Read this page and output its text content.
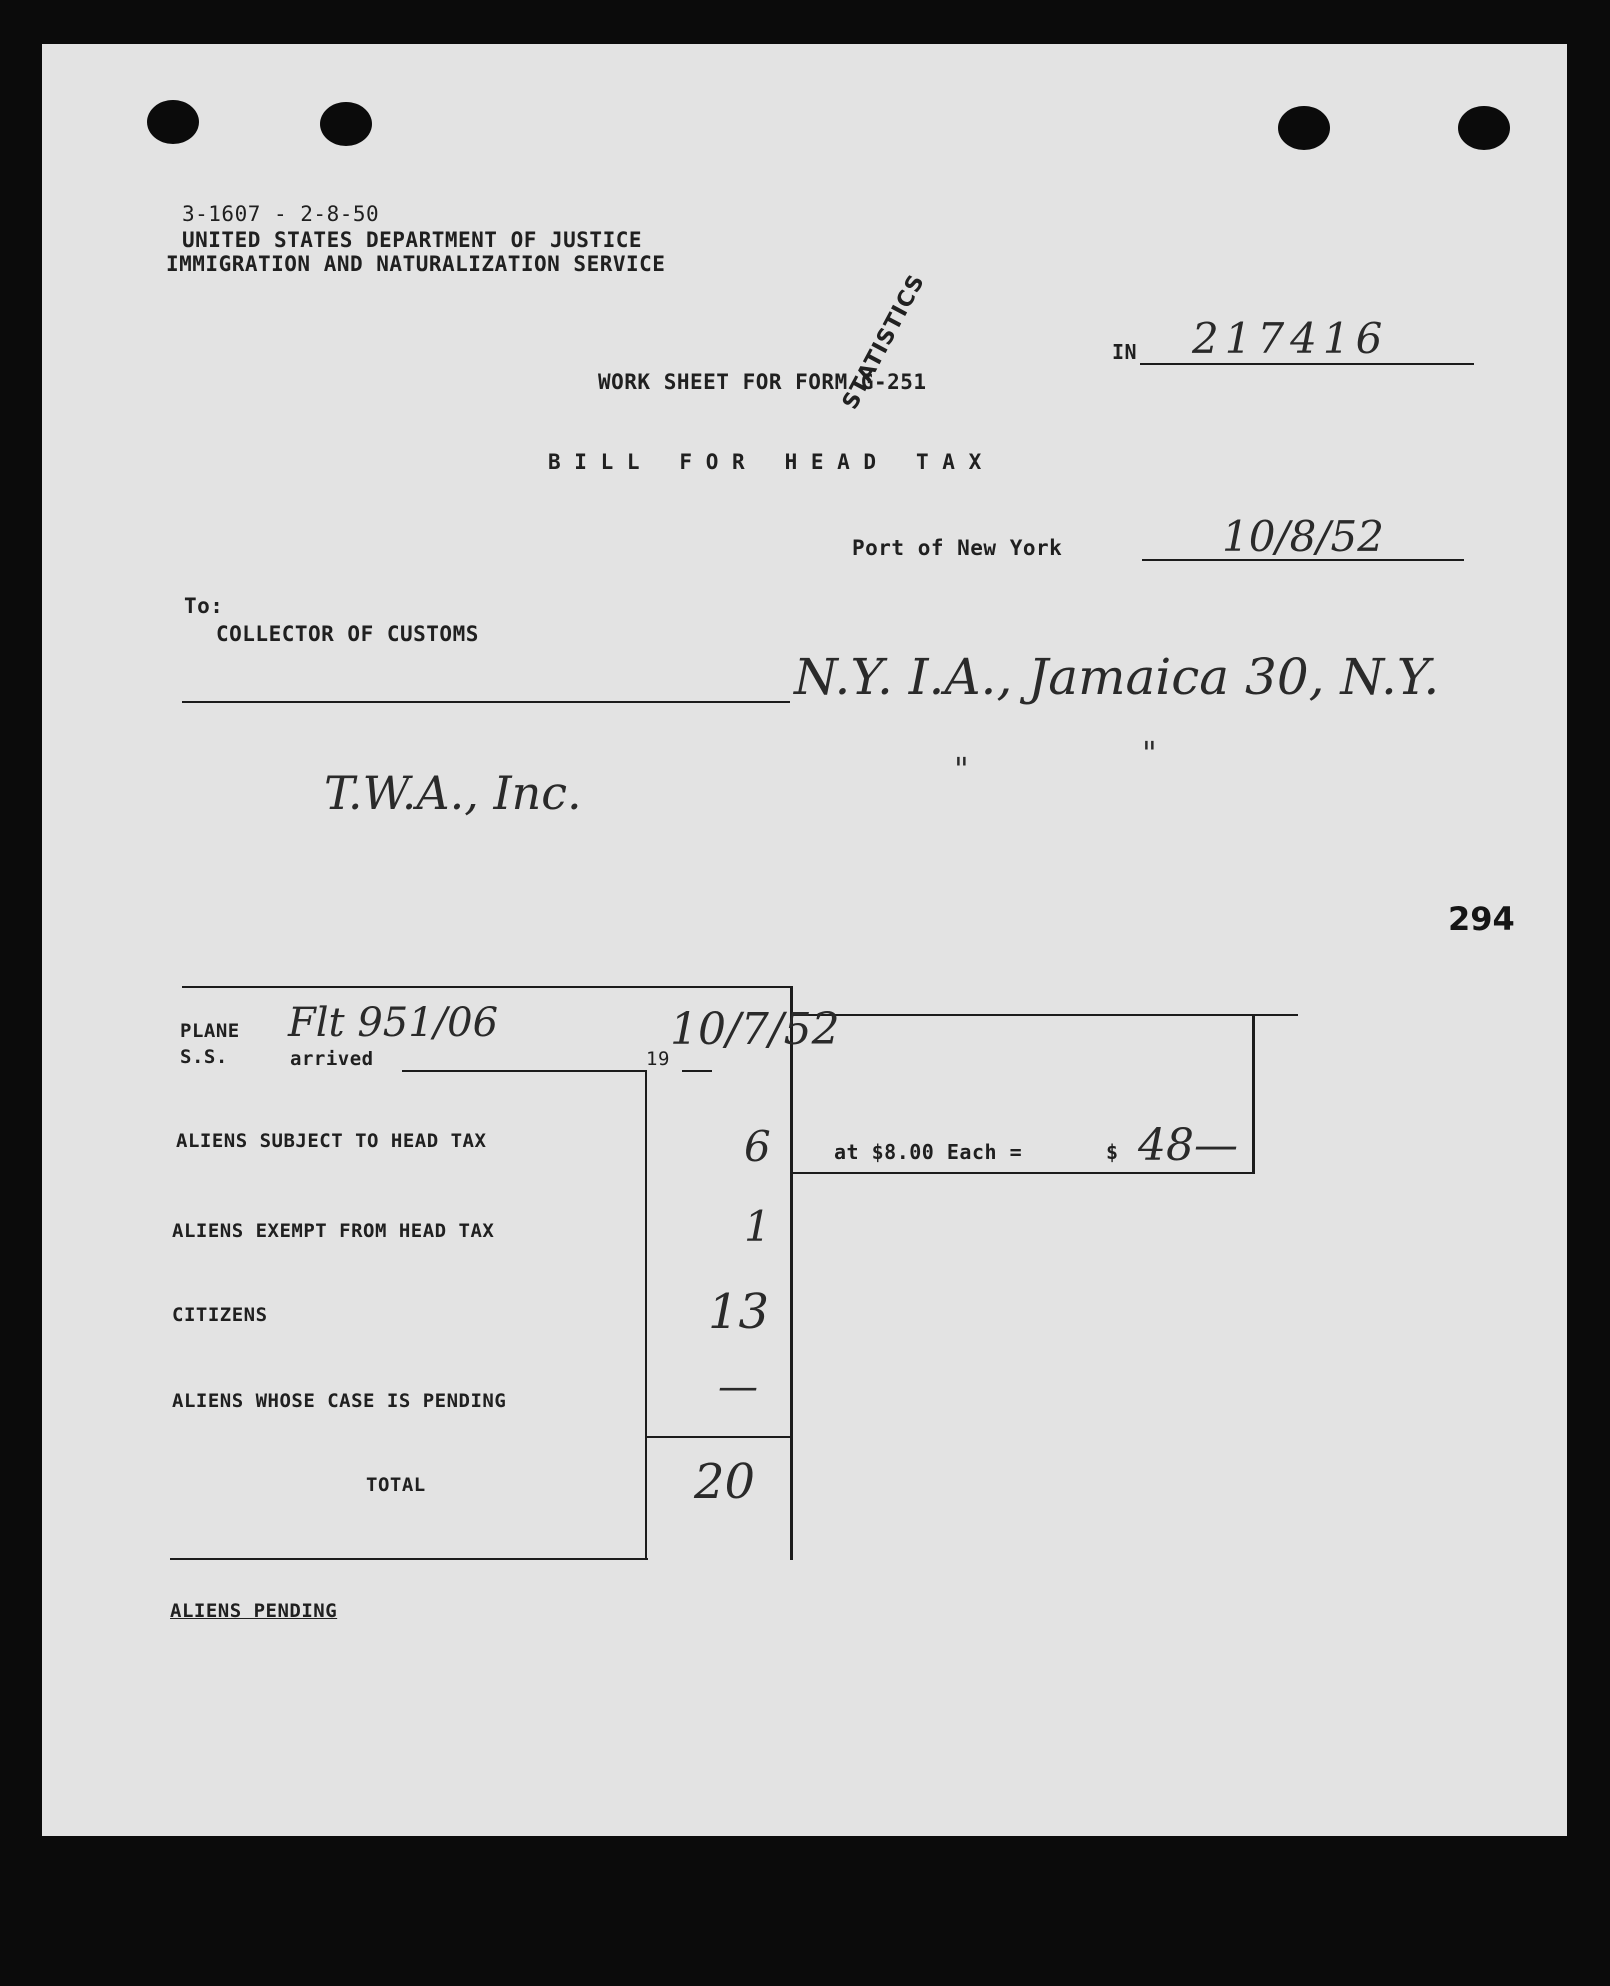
3-1607 - 2-8-50
UNITED STATES DEPARTMENT OF JUSTICE
IMMIGRATION AND NATURALIZATION SERVICE
STATISTICS	IN 217416
WORK SHEET FOR FORM G-251
B I L L   F O R   H E A D   T A X
Port of New York	10/8/52
To:
COLLECTOR OF CUSTOMS
N.Y. I.A., Jamaica 30, N.Y.
T.W.A., Inc.	"	"
294
PLANE
S.S.	arrived
Flt 951/06
19
10/7/52
ALIENS SUBJECT TO HEAD TAX	6
ALIENS EXEMPT FROM HEAD TAX	1
CITIZENS	13
ALIENS WHOSE CASE IS PENDING	—
TOTAL	20
at $8.00 Each =	$ 48—
ALIENS PENDING
